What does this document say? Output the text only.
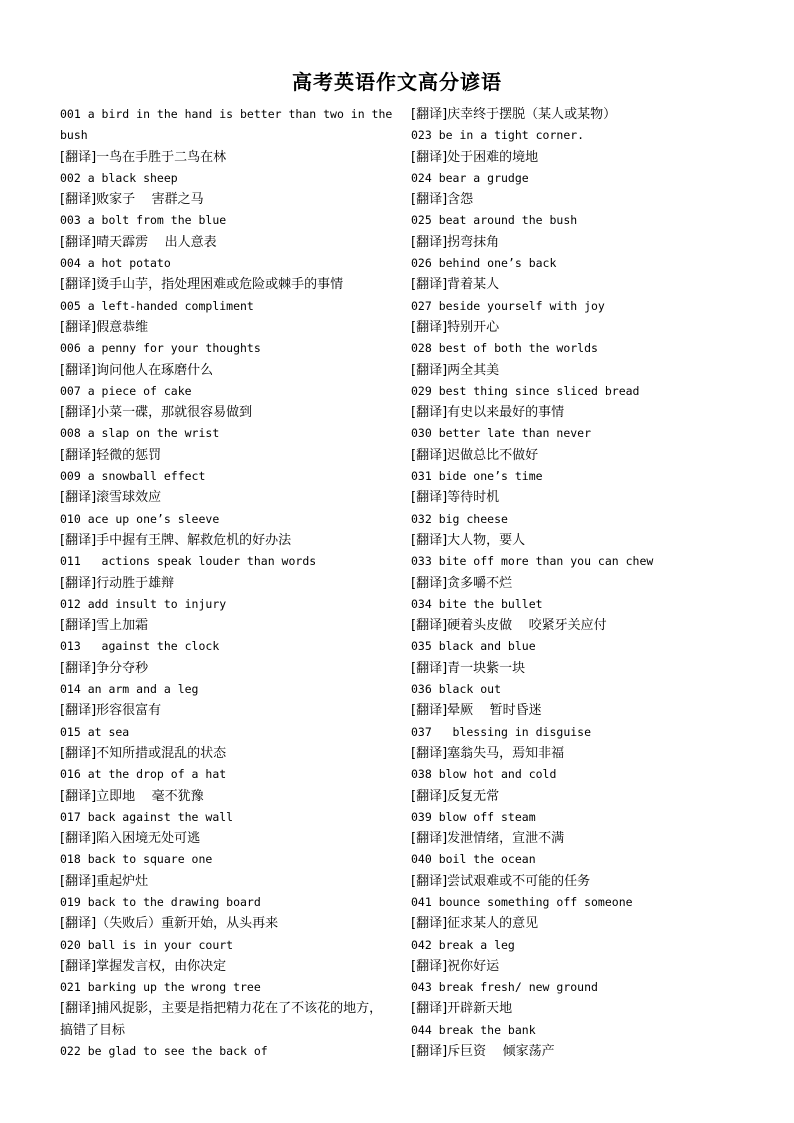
高考英语作文高分谚语
001 a bird in the hand is better than two in the bush
[翻译]一鸟在手胜于二鸟在林
002 a black sheep
[翻译]败家子    害群之马
003 a bolt from the blue
[翻译]晴天霹雳    出人意表
004 a hot potato
[翻译]烫手山芋，指处理困难或危险或棘手的事情
005 a left-handed compliment
[翻译]假意恭维
006 a penny for your thoughts
[翻译]询问他人在琢磨什么
007 a piece of cake
[翻译]小菜一碟，那就很容易做到
008 a slap on the wrist
[翻译]轻微的惩罚
009 a snowball effect
[翻译]滚雪球效应
010 ace up one’s sleeve
[翻译]手中握有王牌、解救危机的好办法
011   actions speak louder than words
[翻译]行动胜于雄辩
012 add insult to injury
[翻译]雪上加霜
013   against the clock
[翻译]争分夺秒
014 an arm and a leg
[翻译]形容很富有
015 at sea
[翻译]不知所措或混乱的状态
016 at the drop of a hat
[翻译]立即地    毫不犹豫
017 back against the wall
[翻译]陷入困境无处可逃
018 back to square one
[翻译]重起炉灶
019 back to the drawing board
[翻译]（失败后）重新开始，从头再来
020 ball is in your court
[翻译]掌握发言权，由你决定
021 barking up the wrong tree
[翻译]捕风捉影，主要是指把精力花在了不该花的地方，搞错了目标
022 be glad to see the back of
[翻译]庆幸终于摆脱（某人或某物）
023 be in a tight corner.
[翻译]处于困难的境地
024 bear a grudge
[翻译]含怨
025 beat around the bush
[翻译]拐弯抹角
026 behind one’s back
[翻译]背着某人
027 beside yourself with joy
[翻译]特别开心
028 best of both the worlds
[翻译]两全其美
029 best thing since sliced bread
[翻译]有史以来最好的事情
030 better late than never
[翻译]迟做总比不做好
031 bide one’s time
[翻译]等待时机
032 big cheese
[翻译]大人物，要人
033 bite off more than you can chew
[翻译]贪多嚼不烂
034 bite the bullet
[翻译]硬着头皮做    咬紧牙关应付
035 black and blue
[翻译]青一块紫一块
036 black out
[翻译]晕厥    暂时昏迷
037   blessing in disguise
[翻译]塞翁失马，焉知非福
038 blow hot and cold
[翻译]反复无常
039 blow off steam
[翻译]发泄情绪，宣泄不满
040 boil the ocean
[翻译]尝试艰难或不可能的任务
041 bounce something off someone
[翻译]征求某人的意见
042 break a leg
[翻译]祝你好运
043 break fresh/ new ground
[翻译]开辟新天地
044 break the bank
[翻译]斥巨资    倾家荡产
